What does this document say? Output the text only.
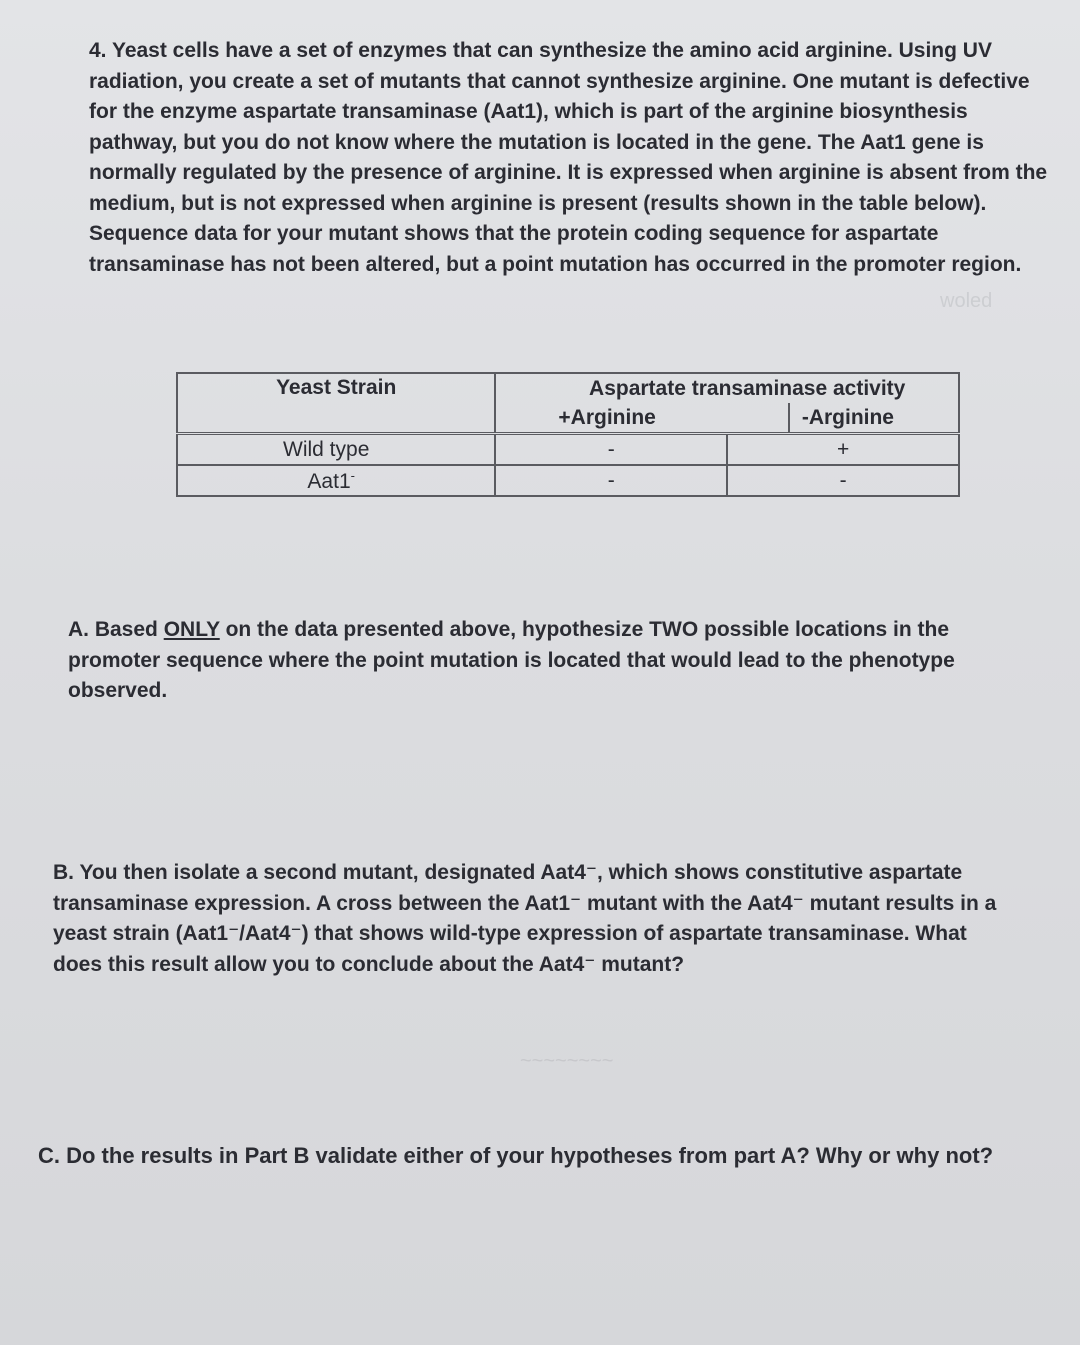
woled
~~~~~~~~
4. Yeast cells have a set of enzymes that can synthesize the amino acid arginine. Using UV
radiation, you create a set of mutants that cannot synthesize arginine. One mutant is defective
for the enzyme aspartate transaminase (Aat1), which is part of the arginine biosynthesis
pathway, but you do not know where the mutation is located in the gene. The Aat1 gene is
normally regulated by the presence of arginine. It is expressed when arginine is absent from the
medium, but is not expressed when arginine is present (results shown in the table below).
Sequence data for your mutant shows that the protein coding sequence for aspartate
transaminase has not been altered, but a point mutation has occurred in the promoter region.
Yeast Strain	Aspartate transaminase activity
+Arginine -Arginine	

Wild type	-	+
Aat1-	-	-
A. Based ONLY on the data presented above, hypothesize TWO possible locations in the
promoter sequence where the point mutation is located that would lead to the phenotype
observed.
B. You then isolate a second mutant, designated Aat4⁻, which shows constitutive aspartate
transaminase expression. A cross between the Aat1⁻ mutant with the Aat4⁻ mutant results in a
yeast strain (Aat1⁻/Aat4⁻) that shows wild-type expression of aspartate transaminase. What
does this result allow you to conclude about the Aat4⁻ mutant?
C. Do the results in Part B validate either of your hypotheses from part A? Why or why not?
